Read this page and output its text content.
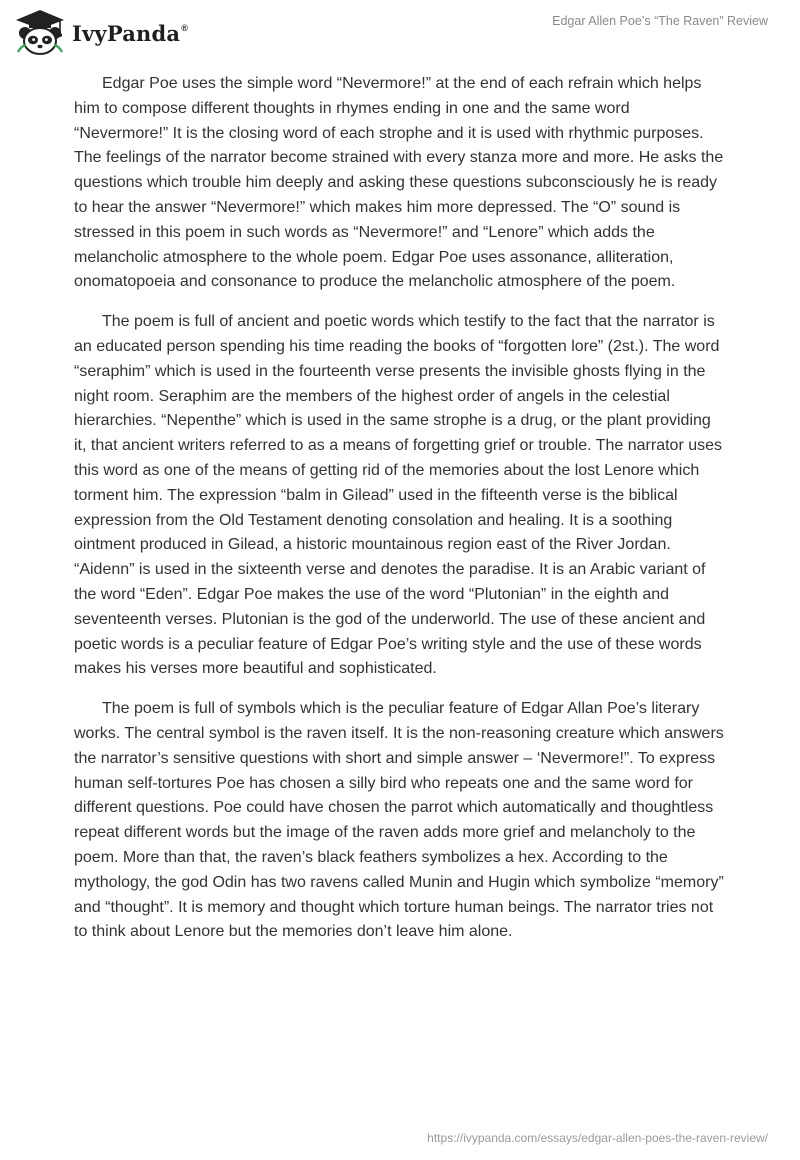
IvyPanda®	Edgar Allen Poe’s “The Raven” Review

Edgar Poe uses the simple word “Nevermore!” at the end of each refrain which helps him to compose different thoughts in rhymes ending in one and the same word “Nevermore!” It is the closing word of each strophe and it is used with rhythmic purposes. The feelings of the narrator become strained with every stanza more and more. He asks the questions which trouble him deeply and asking these questions subconsciously he is ready to hear the answer “Nevermore!” which makes him more depressed. The “O” sound is stressed in this poem in such words as “Nevermore!” and “Lenore” which adds the melancholic atmosphere to the whole poem. Edgar Poe uses assonance, alliteration, onomatopoeia and consonance to produce the melancholic atmosphere of the poem.

The poem is full of ancient and poetic words which testify to the fact that the narrator is an educated person spending his time reading the books of “forgotten lore” (2st.). The word “seraphim” which is used in the fourteenth verse presents the invisible ghosts flying in the night room. Seraphim are the members of the highest order of angels in the celestial hierarchies. “Nepenthe” which is used in the same strophe is a drug, or the plant providing it, that ancient writers referred to as a means of forgetting grief or trouble. The narrator uses this word as one of the means of getting rid of the memories about the lost Lenore which torment him. The expression “balm in Gilead” used in the fifteenth verse is the biblical expression from the Old Testament denoting consolation and healing. It is a soothing ointment produced in Gilead, a historic mountainous region east of the River Jordan. “Aidenn” is used in the sixteenth verse and denotes the paradise. It is an Arabic variant of the word “Eden”. Edgar Poe makes the use of the word “Plutonian” in the eighth and seventeenth verses. Plutonian is the god of the underworld. The use of these ancient and poetic words is a peculiar feature of Edgar Poe’s writing style and the use of these words makes his verses more beautiful and sophisticated.

The poem is full of symbols which is the peculiar feature of Edgar Allan Poe’s literary works. The central symbol is the raven itself. It is the non-reasoning creature which answers the narrator’s sensitive questions with short and simple answer – ‘Nevermore!”. To express human self-tortures Poe has chosen a silly bird who repeats one and the same word for different questions. Poe could have chosen the parrot which automatically and thoughtless repeat different words but the image of the raven adds more grief and melancholy to the poem. More than that, the raven’s black feathers symbolizes a hex. According to the mythology, the god Odin has two ravens called Munin and Hugin which symbolize “memory” and “thought”. It is memory and thought which torture human beings. The narrator tries not to think about Lenore but the memories don’t leave him alone.

https://ivypanda.com/essays/edgar-allen-poes-the-raven-review/
